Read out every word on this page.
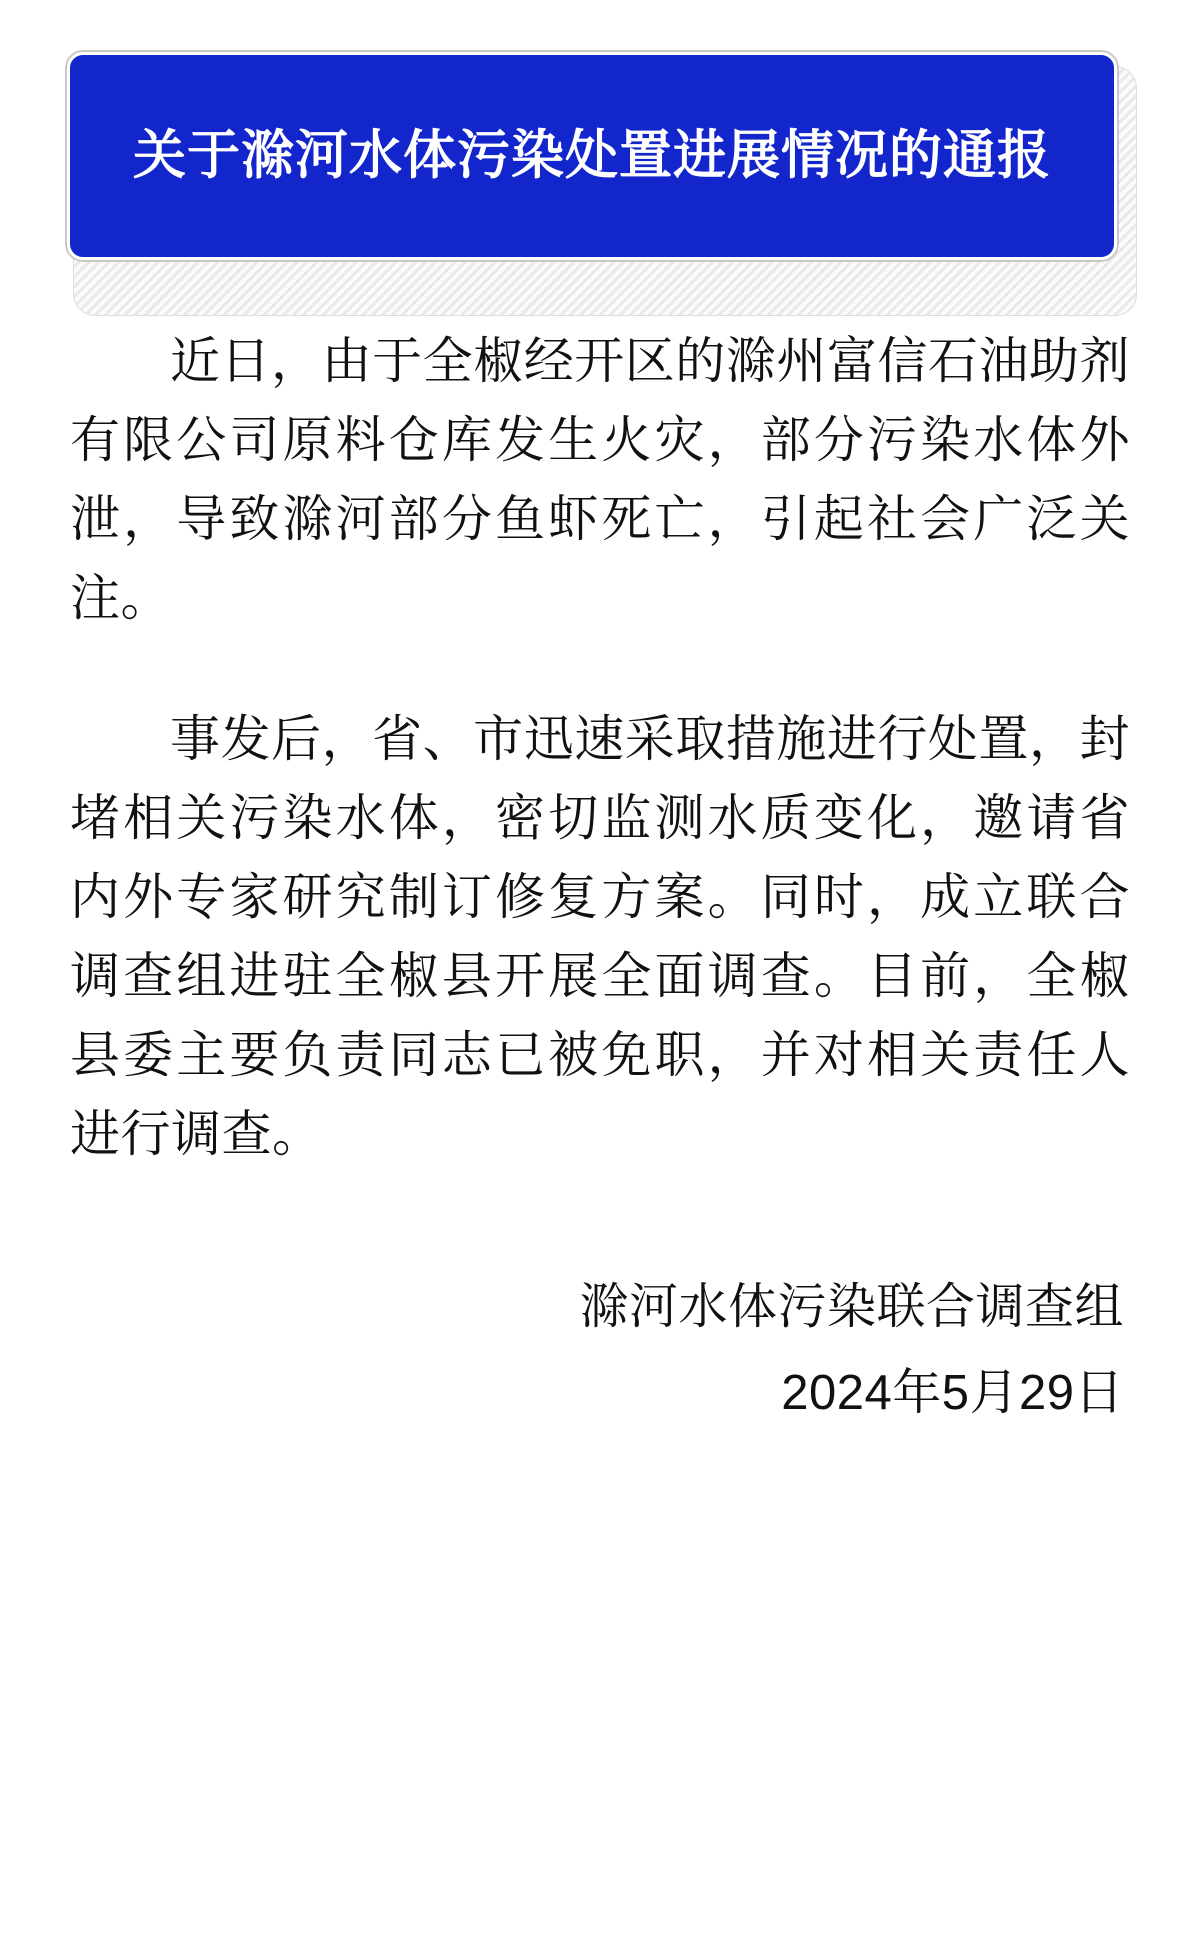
关于滁河水体污染处置进展情况的通报

近日，由于全椒经开区的滁州富信石油助剂有限公司原料仓库发生火灾，部分污染水体外泄，导致滁河部分鱼虾死亡，引起社会广泛关注。

事发后，省、市迅速采取措施进行处置，封堵相关污染水体，密切监测水质变化，邀请省内外专家研究制订修复方案。同时，成立联合调查组进驻全椒县开展全面调查。目前，全椒县委主要负责同志已被免职，并对相关责任人进行调查。

滁河水体污染联合调查组
2024年5月29日
